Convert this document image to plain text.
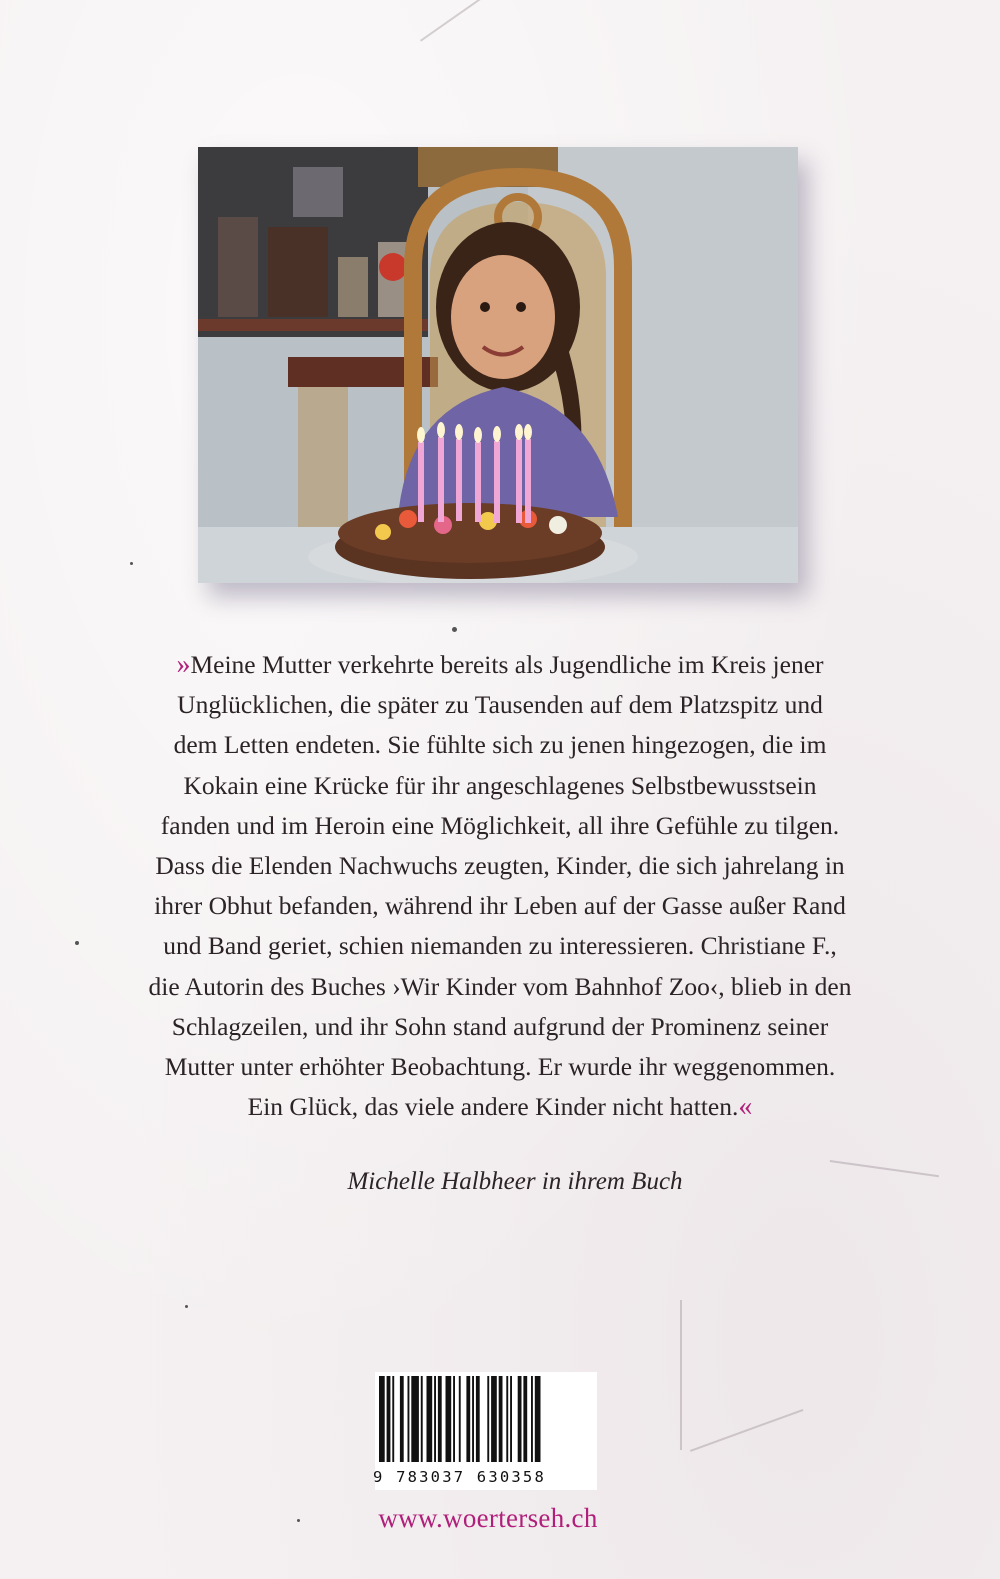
»Meine Mutter verkehrte bereits als Jugendliche im Kreis jener
Unglücklichen, die später zu Tausenden auf dem Platzspitz und
dem Letten endeten. Sie fühlte sich zu jenen hingezogen, die im
Kokain eine Krücke für ihr angeschlagenes Selbstbewusstsein
fanden und im Heroin eine Möglichkeit, all ihre Gefühle zu tilgen.
Dass die Elenden Nachwuchs zeugten, Kinder, die sich jahrelang in
ihrer Obhut befanden, während ihr Leben auf der Gasse außer Rand
und Band geriet, schien niemanden zu interessieren. Christiane F.,
die Autorin des Buches ›Wir Kinder vom Bahnhof Zoo‹, blieb in den
Schlagzeilen, und ihr Sohn stand aufgrund der Prominenz seiner
Mutter unter erhöhter Beobachtung. Er wurde ihr weggenommen.
Ein Glück, das viele andere Kinder nicht hatten.«
Michelle Halbheer in ihrem Buch
9 783037 630358
www.woerterseh.ch
